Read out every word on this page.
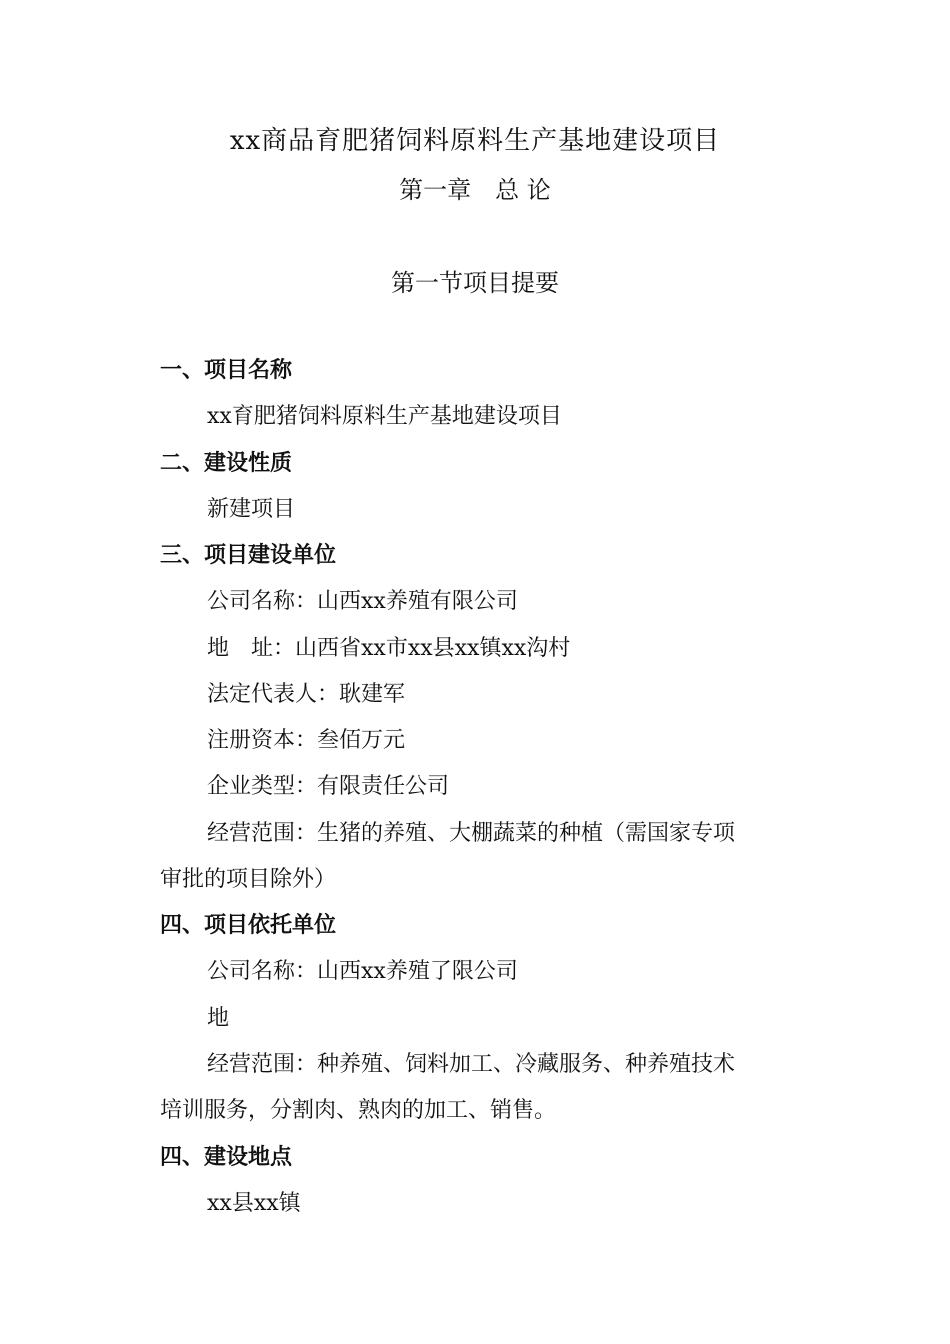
xx商品育肥猪饲料原料生产基地建设项目
第一章　总 论
第一节项目提要
一、项目名称
xx育肥猪饲料原料生产基地建设项目
二、建设性质
新建项目
三、项目建设单位
公司名称：山西xx养殖有限公司
地　址：山西省xx市xx县xx镇xx沟村
法定代表人：耿建军
注册资本：叁佰万元
企业类型：有限责任公司
经营范围：生猪的养殖、大棚蔬菜的种植（需国家专项
审批的项目除外）
四、项目依托单位
公司名称：山西xx养殖了限公司
地
经营范围：种养殖、饲料加工、冷藏服务、种养殖技术
培训服务，分割肉、熟肉的加工、销售。
四、建设地点
xx县xx镇
